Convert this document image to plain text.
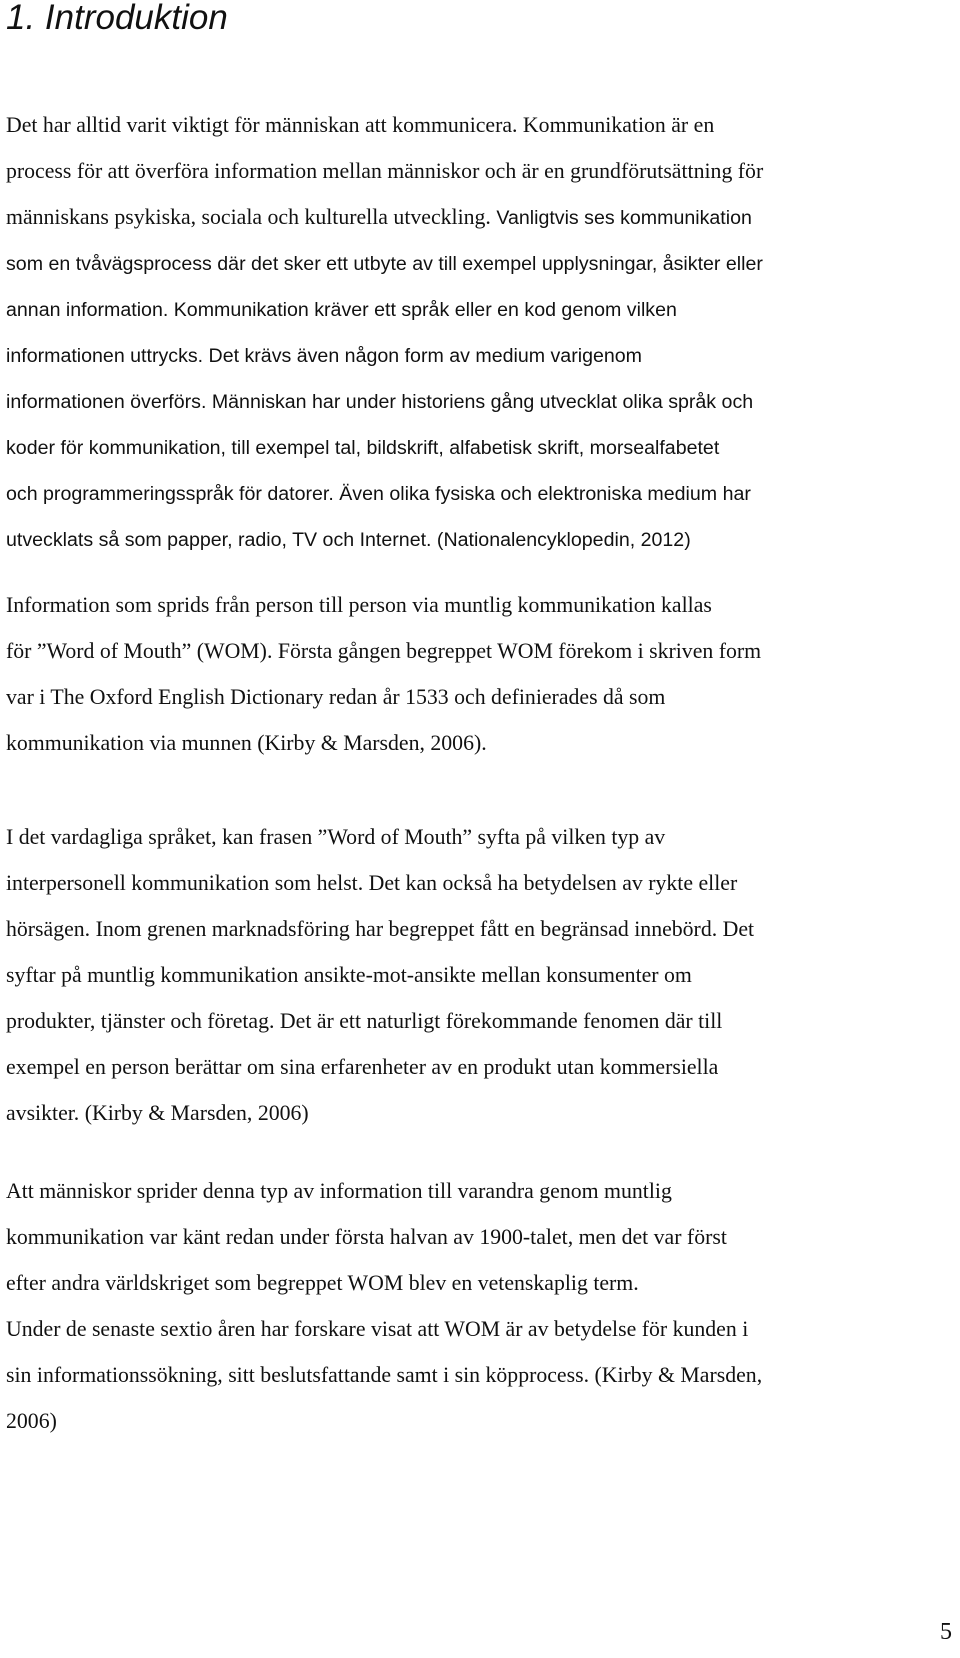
1. Introduktion

Det har alltid varit viktigt för människan att kommunicera. Kommunikation är en
process för att överföra information mellan människor och är en grundförutsättning för
människans psykiska, sociala och kulturella utveckling. Vanligtvis ses kommunikation
som en tvåvägsprocess där det sker ett utbyte av till exempel upplysningar, åsikter eller
annan information. Kommunikation kräver ett språk eller en kod genom vilken
informationen uttrycks. Det krävs även någon form av medium varigenom
informationen överförs. Människan har under historiens gång utvecklat olika språk och
koder för kommunikation, till exempel tal, bildskrift, alfabetisk skrift, morsealfabetet
och programmeringsspråk för datorer. Även olika fysiska och elektroniska medium har
utvecklats så som papper, radio, TV och Internet. (Nationalencyklopedin, 2012)

Information som sprids från person till person via muntlig kommunikation kallas
för ”Word of Mouth” (WOM). Första gången begreppet WOM förekom i skriven form
var i The Oxford English Dictionary redan år 1533 och definierades då som
kommunikation via munnen (Kirby & Marsden, 2006).

I det vardagliga språket, kan frasen ”Word of Mouth” syfta på vilken typ av
interpersonell kommunikation som helst. Det kan också ha betydelsen av rykte eller
hörsägen. Inom grenen marknadsföring har begreppet fått en begränsad innebörd. Det
syftar på muntlig kommunikation ansikte-mot-ansikte mellan konsumenter om
produkter, tjänster och företag. Det är ett naturligt förekommande fenomen där till
exempel en person berättar om sina erfarenheter av en produkt utan kommersiella
avsikter. (Kirby & Marsden, 2006)

Att människor sprider denna typ av information till varandra genom muntlig
kommunikation var känt redan under första halvan av 1900-talet, men det var först
efter andra världskriget som begreppet WOM blev en vetenskaplig term.
Under de senaste sextio åren har forskare visat att WOM är av betydelse för kunden i
sin informationssökning, sitt beslutsfattande samt i sin köpprocess. (Kirby & Marsden,
2006)

5
